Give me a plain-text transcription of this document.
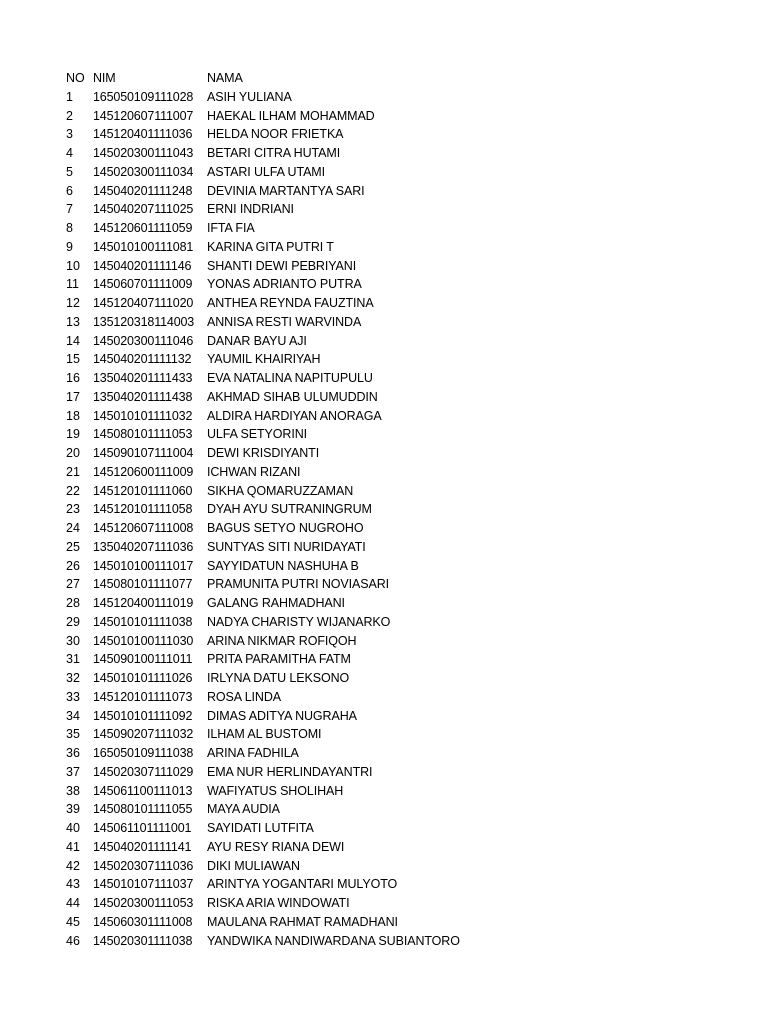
NO NIM	NAMA
1	165050109111028	ASIH YULIANA
2	145120607111007	HAEKAL ILHAM MOHAMMAD
3	145120401111036	HELDA NOOR FRIETKA
4	145020300111043	BETARI CITRA HUTAMI
5	145020300111034	ASTARI ULFA UTAMI
6	145040201111248	DEVINIA MARTANTYA SARI
7	145040207111025	ERNI INDRIANI
8	145120601111059	IFTA FIA
9	145010100111081	KARINA GITA PUTRI T
10	145040201111146	SHANTI DEWI PEBRIYANI
11	145060701111009	YONAS ADRIANTO PUTRA
12	145120407111020	ANTHEA REYNDA FAUZTINA
13	135120318114003	ANNISA RESTI WARVINDA
14	145020300111046	DANAR BAYU AJI
15	145040201111132	YAUMIL KHAIRIYAH
16	135040201111433	EVA NATALINA NAPITUPULU
17	135040201111438	AKHMAD SIHAB ULUMUDDIN
18	145010101111032	ALDIRA HARDIYAN ANORAGA
19	145080101111053	ULFA SETYORINI
20	145090107111004	DEWI KRISDIYANTI
21	145120600111009	ICHWAN RIZANI
22	145120101111060	SIKHA QOMARUZZAMAN
23	145120101111058	DYAH AYU SUTRANINGRUM
24	145120607111008	BAGUS SETYO NUGROHO
25	135040207111036	SUNTYAS SITI NURIDAYATI
26	145010100111017	SAYYIDATUN NASHUHA B
27	145080101111077	PRAMUNITA PUTRI NOVIASARI
28	145120400111019	GALANG RAHMADHANI
29	145010101111038	NADYA CHARISTY WIJANARKO
30	145010100111030	ARINA NIKMAR ROFIQOH
31	145090100111011	PRITA PARAMITHA FATM
32	145010101111026	IRLYNA DATU LEKSONO
33	145120101111073	ROSA LINDA
34	145010101111092	DIMAS ADITYA NUGRAHA
35	145090207111032	ILHAM AL BUSTOMI
36	165050109111038	ARINA FADHILA
37	145020307111029	EMA NUR HERLINDAYANTRI
38	145061100111013	WAFIYATUS SHOLIHAH
39	145080101111055	MAYA AUDIA
40	145061101111001	SAYIDATI LUTFITA
41	145040201111141	AYU RESY RIANA DEWI
42	145020307111036	DIKI MULIAWAN
43	145010107111037	ARINTYA YOGANTARI MULYOTO
44	145020300111053	RISKA ARIA WINDOWATI
45	145060301111008	MAULANA RAHMAT RAMADHANI
46	145020301111038	YANDWIKA NANDIWARDANA SUBIANTORO
